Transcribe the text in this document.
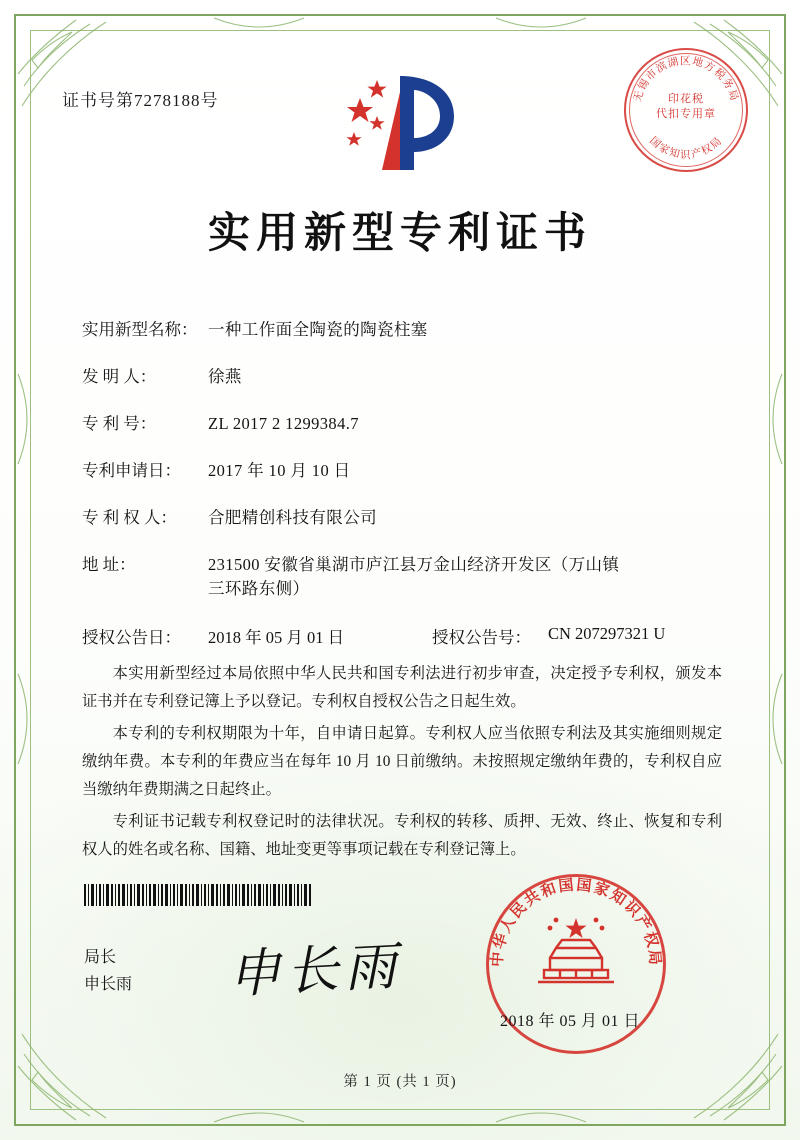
证书号第7278188号	无锡市滨湖区地方税务局
国家知识产权局
印花税
代扣专用章
实用新型专利证书
实用新型名称： 一种工作面全陶瓷的陶瓷柱塞
发 明 人：	徐燕
专 利 号：	ZL 2017 2 1299384.7
专利申请日：	2017 年 10 月 10 日
专 利 权 人：	合肥精创科技有限公司
地 址：	231500 安徽省巢湖市庐江县万金山经济开发区（万山镇
三环路东侧）
授权公告日：	2018 年 05 月 01 日	授权公告号：	CN 207297321 U

本实用新型经过本局依照中华人民共和国专利法进行初步审查，决定授予专利权，颁发本证书并在专利登记簿上予以登记。专利权自授权公告之日起生效。

本专利的专利权期限为十年，自申请日起算。专利权人应当依照专利法及其实施细则规定缴纳年费。本专利的年费应当在每年 10 月 10 日前缴纳。未按照规定缴纳年费的，专利权自应当缴纳年费期满之日起终止。

专利证书记载专利权登记时的法律状况。专利权的转移、质押、无效、终止、恢复和专利权人的姓名或名称、国籍、地址变更等事项记载在专利登记簿上。

局长
申长雨 申长雨	中华人民共和国国家知识产权局
2018 年 05 月 01 日
第 1 页 (共 1 页)
